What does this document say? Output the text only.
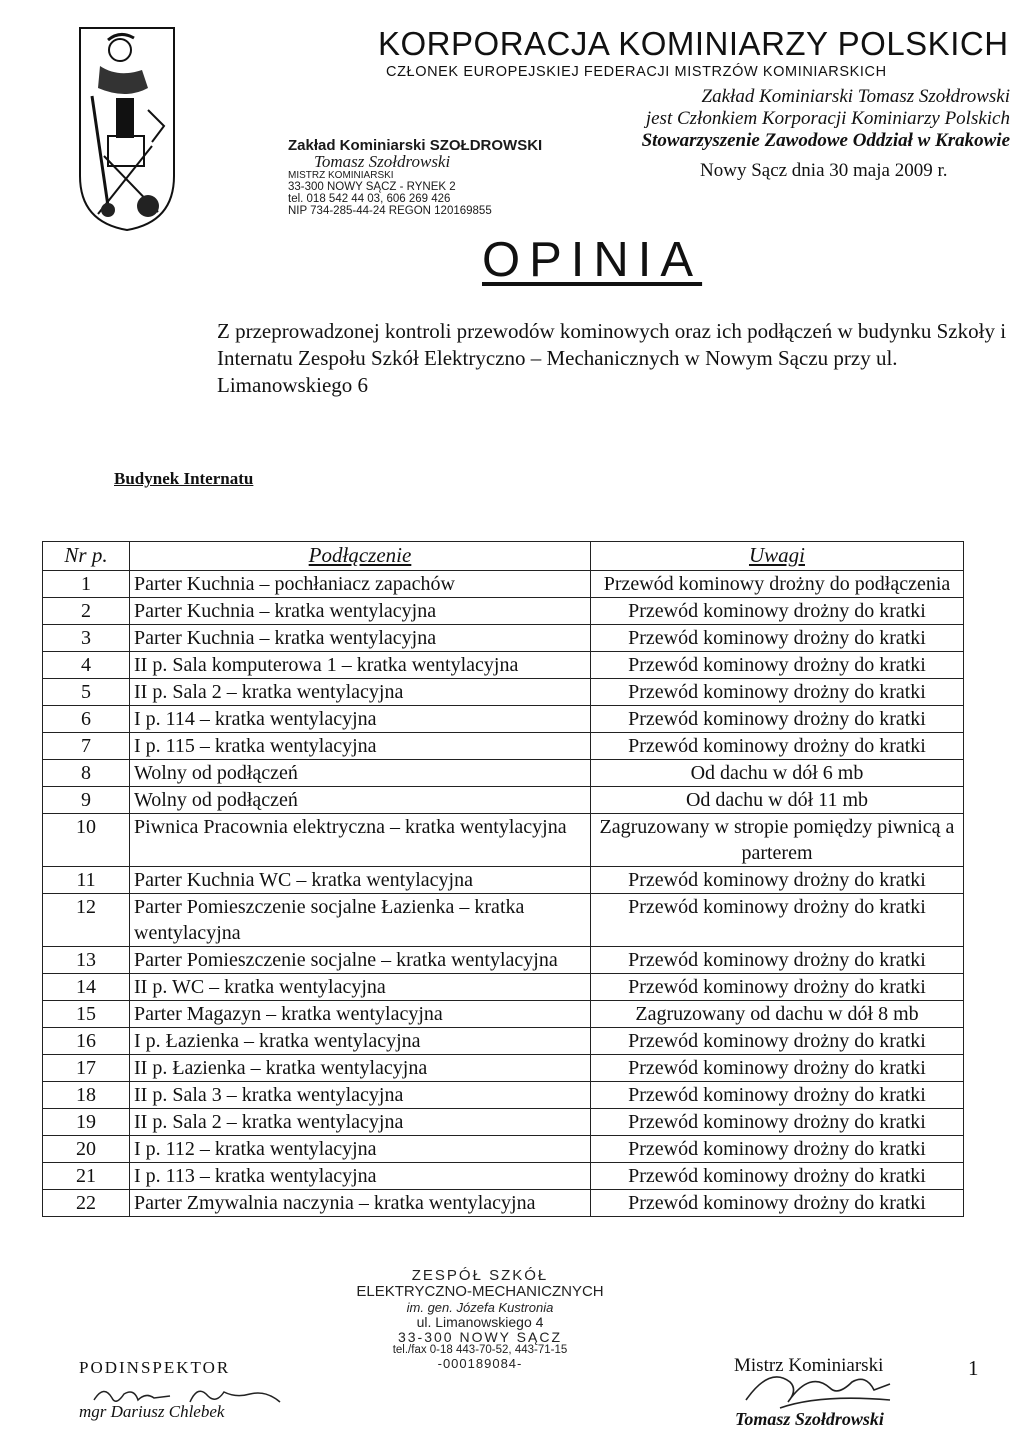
KORPORACJA KOMINIARZY POLSKICH
CZŁONEK EUROPEJSKIEJ FEDERACJI MISTRZÓW KOMINIARSKICH
Zakład Kominiarski SZOŁDROWSKI
Tomasz Szołdrowski
MISTRZ KOMINIARSKI
33-300 NOWY SĄCZ - RYNEK 2
tel. 018 542 44 03, 606 269 426
NIP 734-285-44-24 REGON 120169855
Zakład Kominiarski Tomasz Szołdrowski
jest Członkiem Korporacji Kominiarzy Polskich
Stowarzyszenie Zawodowe Oddział w Krakowie
Nowy Sącz dnia 30 maja 2009 r.
OPINIA
Z przeprowadzonej kontroli przewodów kominowych oraz ich podłączeń w budynku Szkoły i Internatu Zespołu Szkół Elektryczno – Mechanicznych w Nowym Sączu przy ul. Limanowskiego 6
Budynek Internatu
Nr p.	Podłączenie	Uwagi
1	Parter Kuchnia – pochłaniacz zapachów	Przewód kominowy drożny do podłączenia
2	Parter Kuchnia – kratka wentylacyjna	Przewód kominowy drożny do kratki
3	Parter Kuchnia – kratka wentylacyjna	Przewód kominowy drożny do kratki
4	II p. Sala komputerowa 1 – kratka wentylacyjna	Przewód kominowy drożny do kratki
5	II p. Sala 2 – kratka wentylacyjna	Przewód kominowy drożny do kratki
6	I p. 114 – kratka wentylacyjna	Przewód kominowy drożny do kratki
7	I p. 115 – kratka wentylacyjna	Przewód kominowy drożny do kratki
8	Wolny od podłączeń	Od dachu w dół 6 mb
9	Wolny od podłączeń	Od dachu w dół 11 mb
10	Piwnica Pracownia elektryczna – kratka wentylacyjna	Zagruzowany w stropie pomiędzy piwnicą a parterem
11	Parter Kuchnia WC – kratka wentylacyjna	Przewód kominowy drożny do kratki
12	Parter Pomieszczenie socjalne Łazienka – kratka wentylacyjna	Przewód kominowy drożny do kratki
13	Parter Pomieszczenie socjalne – kratka wentylacyjna	Przewód kominowy drożny do kratki
14	II p. WC – kratka wentylacyjna	Przewód kominowy drożny do kratki
15	Parter Magazyn – kratka wentylacyjna	Zagruzowany od dachu w dół 8 mb
16	I p. Łazienka – kratka wentylacyjna	Przewód kominowy drożny do kratki
17	II p. Łazienka – kratka wentylacyjna	Przewód kominowy drożny do kratki
18	II p. Sala 3 – kratka wentylacyjna	Przewód kominowy drożny do kratki
19	II p. Sala 2 – kratka wentylacyjna	Przewód kominowy drożny do kratki
20	I p. 112 – kratka wentylacyjna	Przewód kominowy drożny do kratki
21	I p. 113 – kratka wentylacyjna	Przewód kominowy drożny do kratki
22	Parter Zmywalnia naczynia – kratka wentylacyjna	Przewód kominowy drożny do kratki
PODINSPEKTOR
mgr Dariusz Chlebek
ZESPÓŁ SZKÓŁ
ELEKTRYCZNO-MECHANICZNYCH
im. gen. Józefa Kustronia
ul. Limanowskiego 4
33-300 NOWY SĄCZ
tel./fax 0-18 443-70-52, 443-71-15
-000189084-	Mistrz Kominiarski
Tomasz Szołdrowski
1
